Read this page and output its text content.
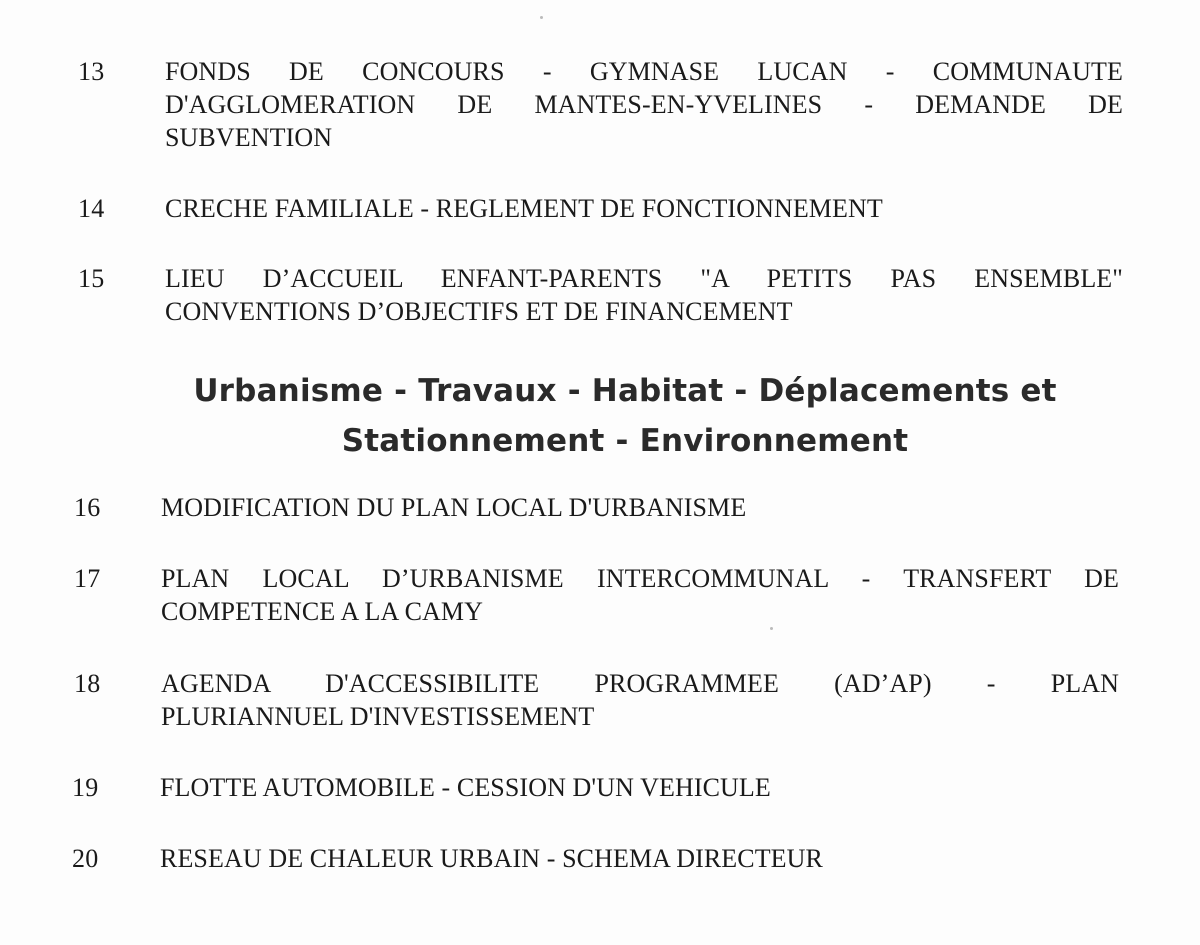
13 FONDS DE CONCOURS - GYMNASE LUCAN - COMMUNAUTE
D'AGGLOMERATION DE MANTES-EN-YVELINES - DEMANDE DE
SUBVENTION
14 CRECHE FAMILIALE - REGLEMENT DE FONCTIONNEMENT
15 LIEU D’ACCUEIL ENFANT-PARENTS "A PETITS PAS ENSEMBLE"
CONVENTIONS D’OBJECTIFS ET DE FINANCEMENT
Urbanisme - Travaux - Habitat - Déplacements et
Stationnement - Environnement
16 MODIFICATION DU PLAN LOCAL D'URBANISME
17 PLAN LOCAL D’URBANISME INTERCOMMUNAL - TRANSFERT DE
COMPETENCE A LA CAMY
18 AGENDA D'ACCESSIBILITE PROGRAMMEE (AD’AP) - PLAN
PLURIANNUEL D'INVESTISSEMENT
19 FLOTTE AUTOMOBILE - CESSION D'UN VEHICULE
20 RESEAU DE CHALEUR URBAIN - SCHEMA DIRECTEUR
